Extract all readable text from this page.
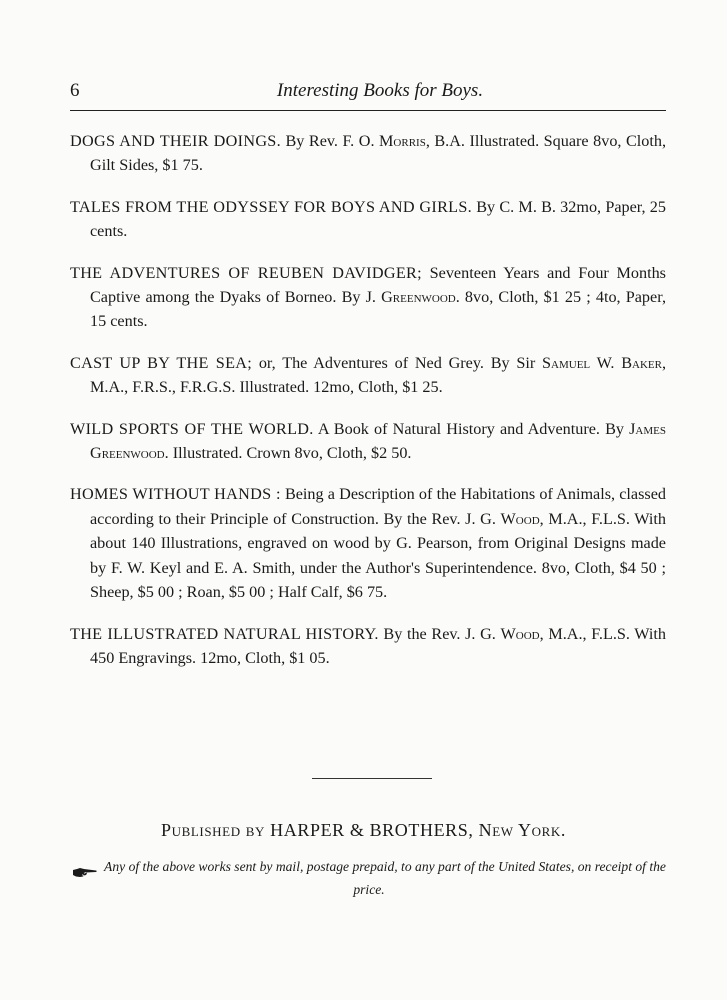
6	Interesting Books for Boys.

DOGS AND THEIR DOINGS. By Rev. F. O. Morris, B.A. Illustrated. Square 8vo, Cloth, Gilt Sides, $1 75.

TALES FROM THE ODYSSEY FOR BOYS AND GIRLS. By C. M. B. 32mo, Paper, 25 cents.

THE ADVENTURES OF REUBEN DAVIDGER; Seventeen Years and Four Months Captive among the Dyaks of Borneo. By J. Greenwood. 8vo, Cloth, $1 25 ; 4to, Paper, 15 cents.

CAST UP BY THE SEA; or, The Adventures of Ned Grey. By Sir Samuel W. Baker, M.A., F.R.S., F.R.G.S. Illustrated. 12mo, Cloth, $1 25.

WILD SPORTS OF THE WORLD. A Book of Natural History and Adventure. By James Greenwood. Illustrated. Crown 8vo, Cloth, $2 50.

HOMES WITHOUT HANDS : Being a Description of the Habitations of Animals, classed according to their Principle of Construction. By the Rev. J. G. Wood, M.A., F.L.S. With about 140 Illustrations, engraved on wood by G. Pearson, from Original Designs made by F. W. Keyl and E. A. Smith, under the Author's Superintendence. 8vo, Cloth, $4 50 ; Sheep, $5 00 ; Roan, $5 00 ; Half Calf, $6 75.

THE ILLUSTRATED NATURAL HISTORY. By the Rev. J. G. Wood, M.A., F.L.S. With 450 Engravings. 12mo, Cloth, $1 05.

Published by HARPER & BROTHERS, New York.
Any of the above works sent by mail, postage prepaid, to any part of the United States, on receipt of the price.
